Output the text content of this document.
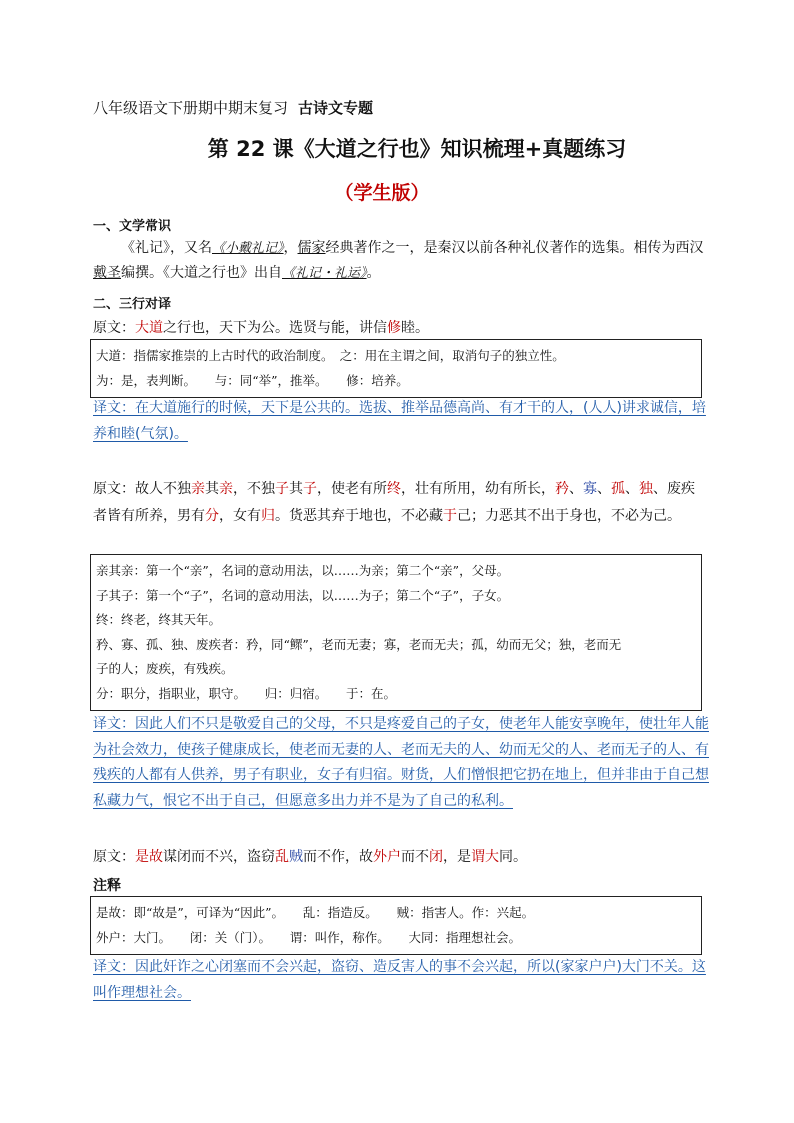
八年级语文下册期中期末复习 古诗文专题
第 22 课《大道之行也》知识梳理+真题练习
（学生版）
一、文学常识
《礼记》，又名《小戴礼记》，儒家经典著作之一，是秦汉以前各种礼仪著作的选集。相传为西汉戴圣编撰。《大道之行也》出自《礼记・礼运》。
二、三行对译
原文：大道之行也，天下为公。选贤与能，讲信修睦。
大道：指儒家推崇的上古时代的政治制度。　之：用在主谓之间，取消句子的独立性。
为：是，表判断。　　与：同“举”，推举。　　修：培养。
译文：在大道施行的时候，天下是公共的。选拔、推举品德高尚、有才干的人，(人人)讲求诚信，培养和睦(气氛)。
原文：故人不独亲其亲，不独子其子，使老有所终，壮有所用，幼有所长，矜、寡、孤、独、废疾者皆有所养，男有分，女有归。货恶其弃于地也，不必藏于己；力恶其不出于身也，不必为己。
亲其亲：第一个“亲”，名词的意动用法，以……为亲；第二个“亲”，父母。
子其子：第一个“子”，名词的意动用法，以……为子；第二个“子”，子女。
终：终老，终其天年。
矜、寡、孤、独、废疾者：矜，同“鳏”，老而无妻；寡，老而无夫；孤，幼而无父；独，老而无
子的人；废疾，有残疾。
分：职分，指职业，职守。　　归：归宿。　　于：在。
译文：因此人们不只是敬爱自己的父母，不只是疼爱自己的子女，使老年人能安享晚年，使壮年人能为社会效力，使孩子健康成长，使老而无妻的人、老而无夫的人、幼而无父的人、老而无子的人、有残疾的人都有人供养，男子有职业，女子有归宿。财货，人们憎恨把它扔在地上，但并非由于自己想私藏力气，恨它不出于自己，但愿意多出力并不是为了自己的私利。
原文：是故谋闭而不兴，盗窃乱贼而不作，故外户而不闭，是谓大同。
注释
是故：即“故是”，可译为“因此”。　　乱：指造反。　　贼：指害人。作：兴起。
外户：大门。　　闭：关（门）。　　谓：叫作，称作。　　大同：指理想社会。
译文：因此奸诈之心闭塞而不会兴起，盗窃、造反害人的事不会兴起，所以(家家户户)大门不关。这叫作理想社会。
